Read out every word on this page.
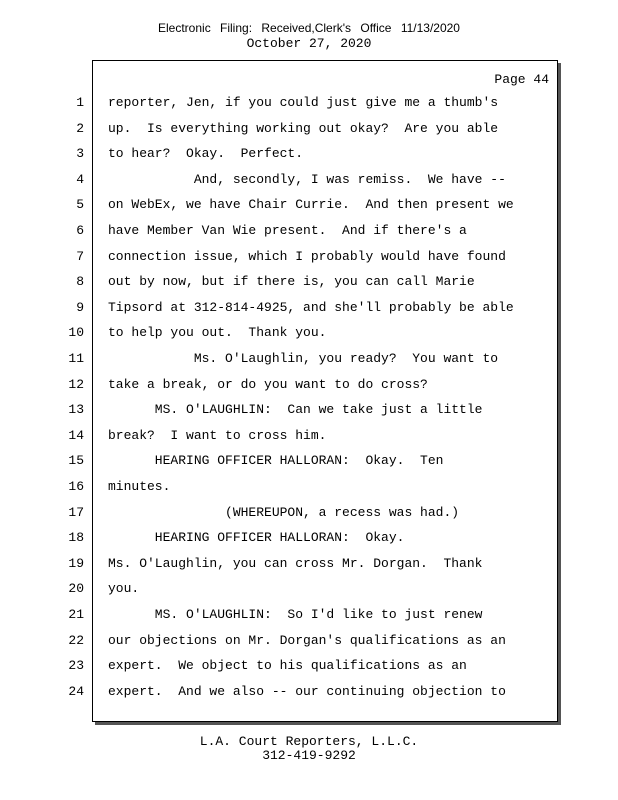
Electronic Filing: Received,Clerk's Office 11/13/2020
October 27, 2020
Page 44
1 reporter, Jen, if you could just give me a thumb's
2 up.  Is everything working out okay?  Are you able
3 to hear?  Okay.  Perfect.
4 And, secondly, I was remiss.  We have --
5 on WebEx, we have Chair Currie.  And then present we
6 have Member Van Wie present.  And if there's a
7 connection issue, which I probably would have found
8 out by now, but if there is, you can call Marie
9 Tipsord at 312-814-4925, and she'll probably be able
10 to help you out.  Thank you.
11 Ms. O'Laughlin, you ready?  You want to
12 take a break, or do you want to do cross?
13 MS. O'LAUGHLIN:  Can we take just a little
14 break?  I want to cross him.
15 HEARING OFFICER HALLORAN:  Okay.  Ten
16 minutes.
17 (WHEREUPON, a recess was had.)
18 HEARING OFFICER HALLORAN:  Okay.
19 Ms. O'Laughlin, you can cross Mr. Dorgan.  Thank
20 you.
21 MS. O'LAUGHLIN:  So I'd like to just renew
22 our objections on Mr. Dorgan's qualifications as an
23 expert.  We object to his qualifications as an
24 expert.  And we also -- our continuing objection to
L.A. Court Reporters, L.L.C.
312-419-9292
